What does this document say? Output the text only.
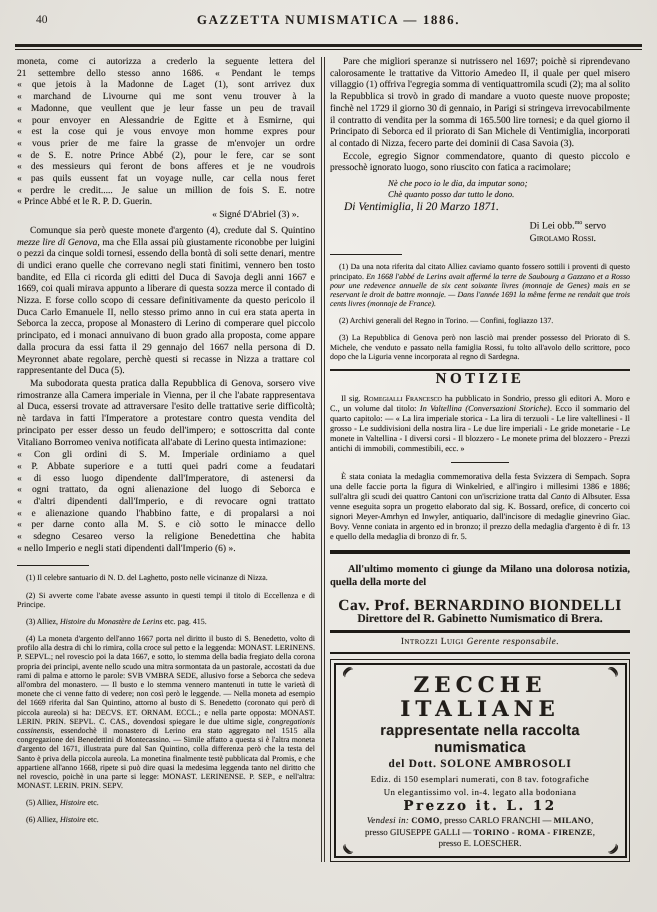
40	GAZZETTA NUMISMATICA — 1886.
moneta, come ci autorizza a crederlo la seguente lettera del
21 settembre dello stesso anno 1686. « Pendant le temps
« que jetois à la Madonne de Laget (1), sont arrivez dux
« marchand de Livourne qui me sont venu trouver à la
« Madonne, que veullent que je leur fasse un peu de travail
« pour envoyer en Alessandrie de Egitte et à Esmirne, qui
« est la cose qui je vous envoye mon homme expres pour
« vous prier de me faire la grasse de m'envojer un ordre
« de S. E. notre Prince Abbé (2), pour le fere, car se sont
« des messieurs qui feront de bons afferes et je ne voudrois
« pas quils eussent fat un voyage nulle, car cella nous feret
« perdre le credit..... Je salue un million de fois S. E. notre
« Prince Abbé et le R. P. D. Guerin.
« Signé D'Abriel (3) ».

Comunque sia però queste monete d'argento (4), credute dal S. Quintino mezze lire di Genova, ma che Ella assai più giustamente riconobbe per luigini o pezzi da cinque soldi tornesi, essendo della bontà di soli sette denari, mentre di undici erano quelle che correvano negli stati finitimi, vennero ben tosto bandite, ed Ella ci ricorda gli editti del Duca di Savoja degli anni 1667 e 1669, coi quali mirava appunto a liberare di questa sozza merce il contado di Nizza. E forse collo scopo di cessare definitivamente da questo pericolo il Duca Carlo Emanuele II, nello stesso primo anno in cui era stata aperta in Seborca la zecca, propose al Monastero di Lerino di comperare quel piccolo principato, ed i monaci annuivano di buon grado alla proposta, come appare dalla procura da essi fatta il 29 gennajo del 1667 nella persona di D. Meyronnet abate regolare, perchè questi si recasse in Nizza a trattare col rappresentante del Duca (5).

Ma subodorata questa pratica dalla Repubblica di Genova, sorsero vive rimostranze alla Camera imperiale in Vienna, per il che l'abate rappresentava al Duca, essersi trovate ad attraversare l'esito delle trattative serie difficoltà; nè tardava in fatti l'Imperatore a protestare contro questa vendita del principato per esser desso un feudo dell'impero; e sottoscritta dal conte Vitaliano Borromeo veniva notificata all'abate di Lerino questa intimazione:

« Con gli ordini di S. M. Imperiale ordiniamo a quel
« P. Abbate superiore e a tutti quei padri come a feudatari
« di esso luogo dipendente dall'Imperatore, di astenersi da
« ogni trattato, da ogni alienazione del luogo di Seborca e
« d'altri dipendenti dall'Imperio, e di revocare ogni trattato
« e alienazione quando l'habbino fatte, e di propalarsi a noi
« per darne conto alla M. S. e ciò sotto le minacce dello
« sdegno Cesareo verso la religione Benedettina che habita
« nello Imperio e negli stati dipendenti dall'Imperio (6) ».

(1) Il celebre santuario di N. D. del Laghetto, posto nelle vicinanze di Nizza.

(2) Si avverte come l'abate avesse assunto in questi tempi il titolo di Eccellenza e di Principe.

(3) Alliez, Histoire du Monastère de Lerins etc. pag. 415.

(4) La moneta d'argento dell'anno 1667 porta nel diritto il busto di S. Benedetto, volto di profilo alla destra di chi lo rimira, colla croce sul petto e la leggenda: MONAST. LERINENS. P. SEPVL.; nel rovescio poi la data 1667, e sotto, lo stemma della badia fregiato della corona propria dei principi, avente nello scudo una mitra sormontata da un pastorale, accostati da due rami di palma e attorno le parole: SVB VMBRA SEDE, allusivo forse a Seborca che sedeva all'ombra del monastero. — Il busto e lo stemma vennero mantenuti in tutte le varietà di monete che ci venne fatto di vedere; non così però le leggende. — Nella moneta ad esempio del 1669 riferita dal San Quintino, attorno al busto di S. Benedetto (coronato qui però di piccola aureola) si ha: DECVS. ET. ORNAM. ECCL.; e nella parte opposta: MONAST. LERIN. PRIN. SEPVL. C. CAS., dovendosi spiegare le due ultime sigle, congregationis cassinensis, essendochè il monastero di Lerino era stato aggregato nel 1515 alla congregazione dei Benedettini di Montecassino. — Simile affatto a questa si è l'altra moneta d'argento del 1671, illustrata pure dal San Quintino, colla differenza però che la testa del Santo è priva della piccola aureola. La monetina finalmente testè pubblicata dal Promis, e che appartiene all'anno 1668, ripete si può dire quasi la medesima leggenda tanto nel diritto che nel rovescio, poichè in una parte si legge: MONAST. LERINENSE. P. SEP., e nell'altra: MONAST. LERIN. PRIN. SEPV.

(5) Alliez, Histoire etc.

(6) Alliez, Histoire etc.

Pare che migliori speranze si nutrissero nel 1697; poichè si riprendevano calorosamente le trattative da Vittorio Amedeo II, il quale per quel misero villaggio (1) offriva l'egregia somma di ventiquattromila scudi (2); ma al solito la Repubblica si trovò in grado di mandare a vuoto queste nuove proposte; finchè nel 1729 il giorno 30 di gennaio, in Parigi si stringeva irrevocabilmente il contratto di vendita per la somma di 165.500 lire tornesi; e da quel giorno il Principato di Seborca ed il priorato di San Michele di Ventimiglia, incorporati al contado di Nizza, fecero parte dei dominii di Casa Savoia (3).

Eccole, egregio Signor commendatore, quanto di questo piccolo e pressochè ignorato luogo, sono riuscito con fatica a racimolare;

Nè che poco io le dia, da imputar sono;
Chè quanto posso dar tutto le dono.
Di Ventimiglia, li 20 Marzo 1871.
Di Lei obb.$^{mo}$ servo
Girolamo Rossi.

(1) Da una nota riferita dal citato Alliez caviamo quanto fossero sottili i proventi di questo principato. En 1668 l'abbé de Lerins avait affermé la terre de Saubourg a Gazzano et a Rosso pour une redevence annuelle de six cent soixante livres (monnaje de Genes) mais en se reservant le droit de battre monnaje. — Dans l'année 1691 la même ferme ne rendait que trois cents livres (monnaje de France).

(2) Archivi generali del Regno in Torino. — Confini, fogliazzo 137.

(3) La Repubblica di Genova però non lasciò mai prender possesso del Priorato di S. Michele, che venduto e passato nella famiglia Rossi, fu tolto all'avolo dello scrittore, poco dopo che la Liguria venne incorporata al regno di Sardegna.

NOTIZIE

Il sig. Romegialli Francesco ha pubblicato in Sondrio, presso gli editori A. Moro e C., un volume dal titolo: In Valtellina (Conversazioni Storiche). Ecco il sommario del quarto capitolo: — « La lira imperiale storica - La lira di terzuoli - Le lire valtellinesi - Il grosso - Le suddivisioni della nostra lira - Le due lire imperiali - Le gride monetarie - Le monete in Valtellina - I diversi corsi - Il blozzero - Le monete prima del blozzero - Prezzi antichi di immobili, commestibili, ecc. »

È stata coniata la medaglia commemorativa della festa Svizzera di Sempach. Sopra una delle faccie porta la figura di Winkelried, e all'ingiro i millesimi 1386 e 1886; sull'altra gli scudi dei quattro Cantoni con un'iscrizione tratta dal Canto di Albsuter. Essa venne eseguita sopra un progetto elaborato dal sig. K. Bossard, orefice, di concerto coi signori Meyer-Amrhyn ed Inwyler, antiquario, dall'incisore di medaglie ginevrino Giac. Bovy. Venne coniata in argento ed in bronzo; il prezzo della medaglia d'argento è di fr. 13 e quello della medaglia di bronzo di fr. 5.

All'ultimo momento ci giunge da Milano una dolorosa notizia, quella della morte del

Cav. Prof. BERNARDINO BIONDELLI
Direttore del R. Gabinetto Numismatico di Brera.
Introzzi Luigi Gerente responsabile.
))	))
))
))
ZECCHE ITALIANE
rappresentate nella raccolta numismatica
del Dott. SOLONE AMBROSOLI
Ediz. di 150 esemplari numerati, con 8 tav. fotografiche
Un elegantissimo vol. in-4. legato alla bodoniana
Prezzo it. L. 12
Vendesi in: COMO, presso CARLO FRANCHI — MILANO, presso GIUSEPPE GALLI — TORINO - ROMA - FIRENZE, presso E. LOESCHER.
